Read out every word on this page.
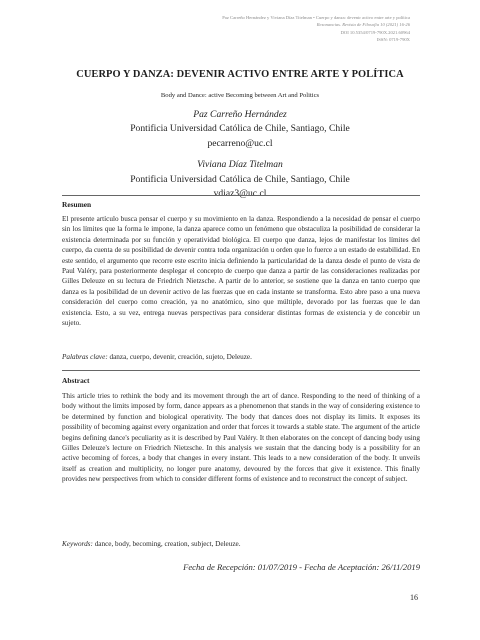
Paz Carreño Hernández y Viviana Díaz Titelman • Cuerpo y danza: devenir activo entre arte y política
Resonancias. Revista de Filosofía 10 (2021) 16-26
DOI 10.5354/0719-790X.2021.60964
ISSN: 0719-790X
CUERPO Y DANZA: DEVENIR ACTIVO ENTRE ARTE Y POLÍTICA
Body and Dance: active Becoming between Art and Politics
Paz Carreño Hernández
Pontificia Universidad Católica de Chile, Santiago, Chile
pecarreno@uc.cl
Viviana Díaz Titelman
Pontificia Universidad Católica de Chile, Santiago, Chile
vdiaz3@uc.cl
Resumen
El presente artículo busca pensar el cuerpo y su movimiento en la danza. Respondiendo a la necesidad de pensar el cuerpo sin los límites que la forma le impone, la danza aparece como un fenómeno que obstaculiza la posibilidad de considerar la existencia determinada por su función y operatividad biológica. El cuerpo que danza, lejos de manifestar los límites del cuerpo, da cuenta de su posibilidad de devenir contra toda organización u orden que lo fuerce a un estado de estabilidad. En este sentido, el argumento que recorre este escrito inicia definiendo la particularidad de la danza desde el punto de vista de Paul Valéry, para posteriormente desplegar el concepto de cuerpo que danza a partir de las consideraciones realizadas por Gilles Deleuze en su lectura de Friedrich Nietzsche. A partir de lo anterior, se sostiene que la danza en tanto cuerpo que danza es la posibilidad de un devenir activo de las fuerzas que en cada instante se transforma. Esto abre paso a una nueva consideración del cuerpo como creación, ya no anatómico, sino que múltiple, devorado por las fuerzas que le dan existencia. Esto, a su vez, entrega nuevas perspectivas para considerar distintas formas de existencia y de concebir un sujeto.
Palabras clave: danza, cuerpo, devenir, creación, sujeto, Deleuze.
Abstract
This article tries to rethink the body and its movement through the art of dance. Responding to the need of thinking of a body without the limits imposed by form, dance appears as a phenomenon that stands in the way of considering existence to be determined by function and biological operativity. The body that dances does not display its limits. It exposes its possibility of becoming against every organization and order that forces it towards a stable state. The argument of the article begins defining dance's peculiarity as it is described by Paul Valéry. It then elaborates on the concept of dancing body using Gilles Deleuze's lecture on Friedrich Nietzsche. In this analysis we sustain that the dancing body is a possibility for an active becoming of forces, a body that changes in every instant. This leads to a new consideration of the body. It unveils itself as creation and multiplicity, no longer pure anatomy, devoured by the forces that give it existence. This finally provides new perspectives from which to consider different forms of existence and to reconstruct the concept of subject.
Keywords: dance, body, becoming, creation, subject, Deleuze.
Fecha de Recepción: 01/07/2019 - Fecha de Aceptación: 26/11/2019
16
